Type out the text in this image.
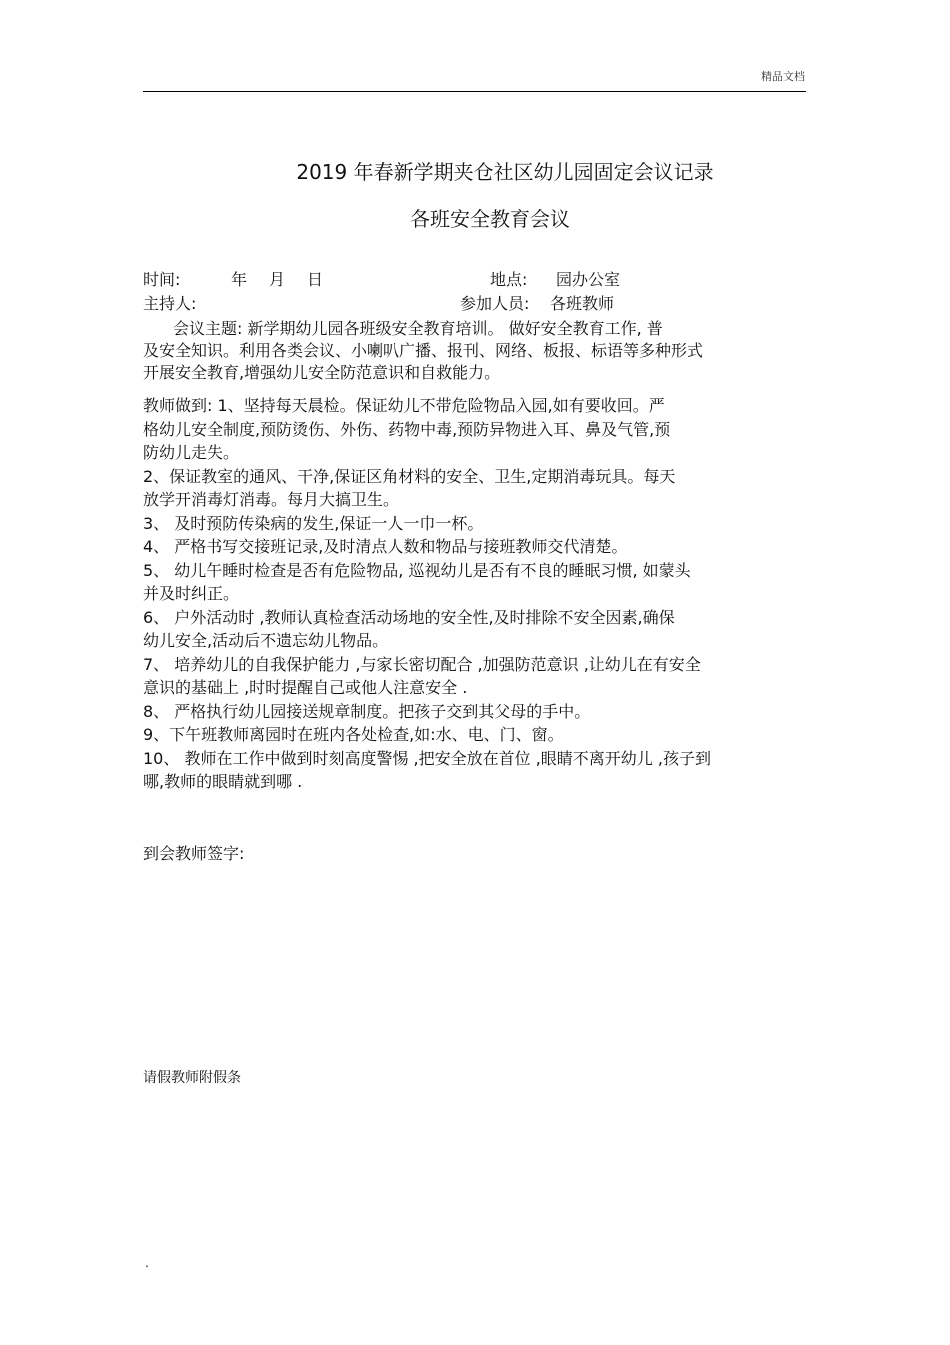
精品文档
2019 年春新学期夹仓社区幼儿园固定会议记录
各班安全教育会议
时间:	年 月 日	地点: 园办公室
主持人:	参加人员: 各班教师
会议主题: 新学期幼儿园各班级安全教育培训。 做好安全教育工作, 普
及安全知识。利用各类会议、小喇叭广播、报刊、网络、板报、标语等多种形式
开展安全教育,增强幼儿安全防范意识和自救能力。
教师做到: 1、坚持每天晨检。保证幼儿不带危险物品入园,如有要收回。严
格幼儿安全制度,预防烫伤、外伤、药物中毒,预防异物进入耳、鼻及气管,预
防幼儿走失。
2、保证教室的通风、干净,保证区角材料的安全、卫生,定期消毒玩具。每天
放学开消毒灯消毒。每月大搞卫生。
3、 及时预防传染病的发生,保证一人一巾一杯。
4、 严格书写交接班记录,及时清点人数和物品与接班教师交代清楚。
5、 幼儿午睡时检查是否有危险物品, 巡视幼儿是否有不良的睡眠习惯, 如蒙头
并及时纠正。
6、 户外活动时 ,教师认真检查活动场地的安全性,及时排除不安全因素,确保
幼儿安全,活动后不遗忘幼儿物品。
7、 培养幼儿的自我保护能力 ,与家长密切配合 ,加强防范意识 ,让幼儿在有安全
意识的基础上 ,时时提醒自己或他人注意安全 .
8、 严格执行幼儿园接送规章制度。把孩子交到其父母的手中。
9、下午班教师离园时在班内各处检查,如:水、电、门、窗。
10、 教师在工作中做到时刻高度警惕 ,把安全放在首位 ,眼睛不离开幼儿 ,孩子到
哪,教师的眼睛就到哪 .
到会教师签字:
请假教师附假条
.
